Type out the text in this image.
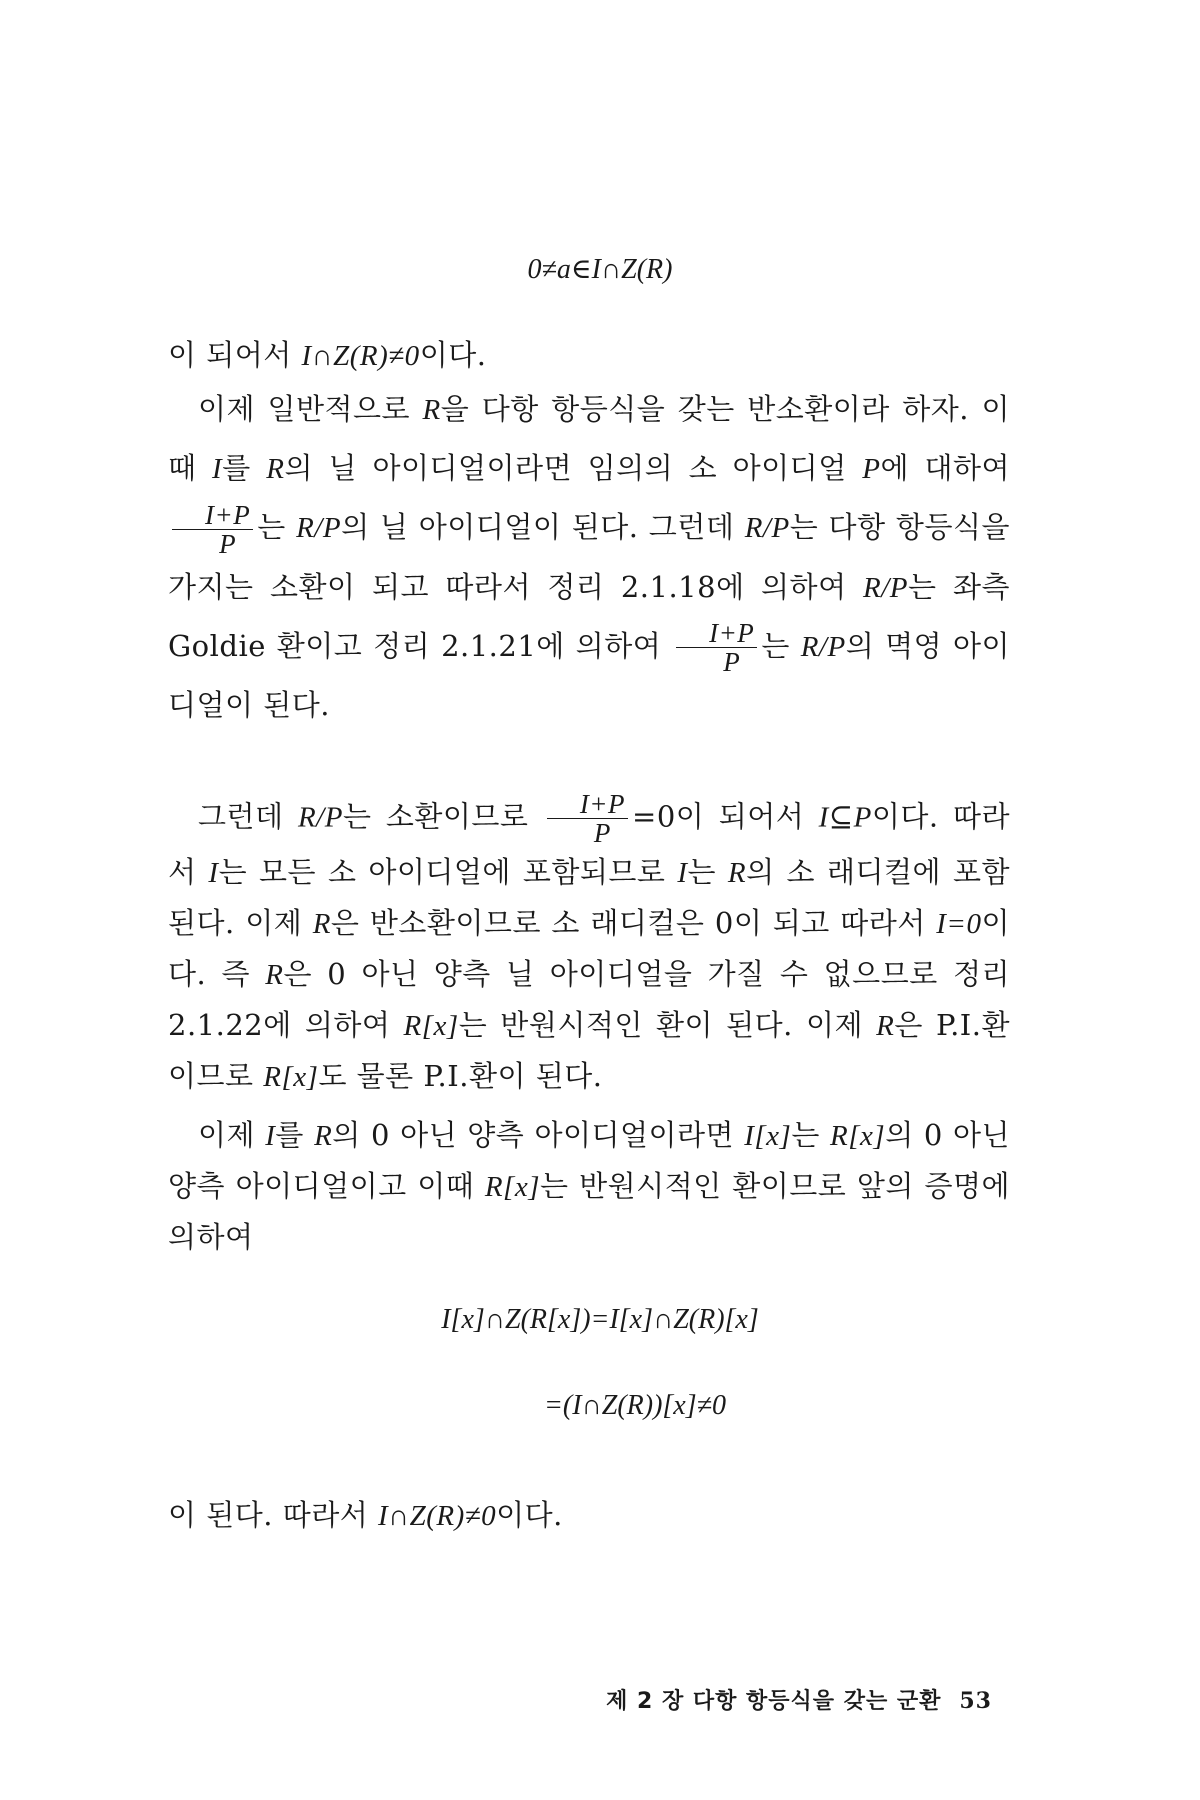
0≠a∈I∩Z(R)
이 되어서 I∩Z(R)≠0이다.
이제 일반적으로 R을 다항 항등식을 갖는 반소환이라 하자. 이때 I를 R의 닐 아이디얼이라면 임의의 소 아이디얼 P에 대하여
$\frac{I+P}{P}$ 는 R/P의 닐 아이디얼이 된다. 그런데 R/P는 다항 항등식을 가지는 소환이 되고 따라서 정리 2.1.18에 의하여 R/P는 좌측 Goldie 환이고 정리 2.1.21에 의하여 $\frac{I+P}{P}$ 는 R/P의 멱영 아이디얼이 된다.
그런데 R/P는 소환이므로 $\frac{I+P}{P} =0$이 되어서 I⊆P이다. 따라서 I는 모든 소 아이디얼에 포함되므로 I는 R의 소 래디컬에 포함된다. 이제 R은 반소환이므로 소 래디컬은 0이 되고 따라서 I=0이다. 즉 R은 0 아닌 양측 닐 아이디얼을 가질 수 없으므로 정리 2.1.22에 의하여 R[x]는 반원시적인 환이 된다. 이제 R은 P.I.환이므로 R[x]도 물론 P.I.환이 된다.
이제 I를 R의 0 아닌 양측 아이디얼이라면 I[x]는 R[x]의 0 아닌 양측 아이디얼이고 이때 R[x]는 반원시적인 환이므로 앞의 증명에 의하여
I[x]∩Z(R[x])=I[x]∩Z(R)[x]
=(I∩Z(R))[x]≠0
이 된다. 따라서 I∩Z(R)≠0이다.
제 2 장 다항 항등식을 갖는 군환 53
